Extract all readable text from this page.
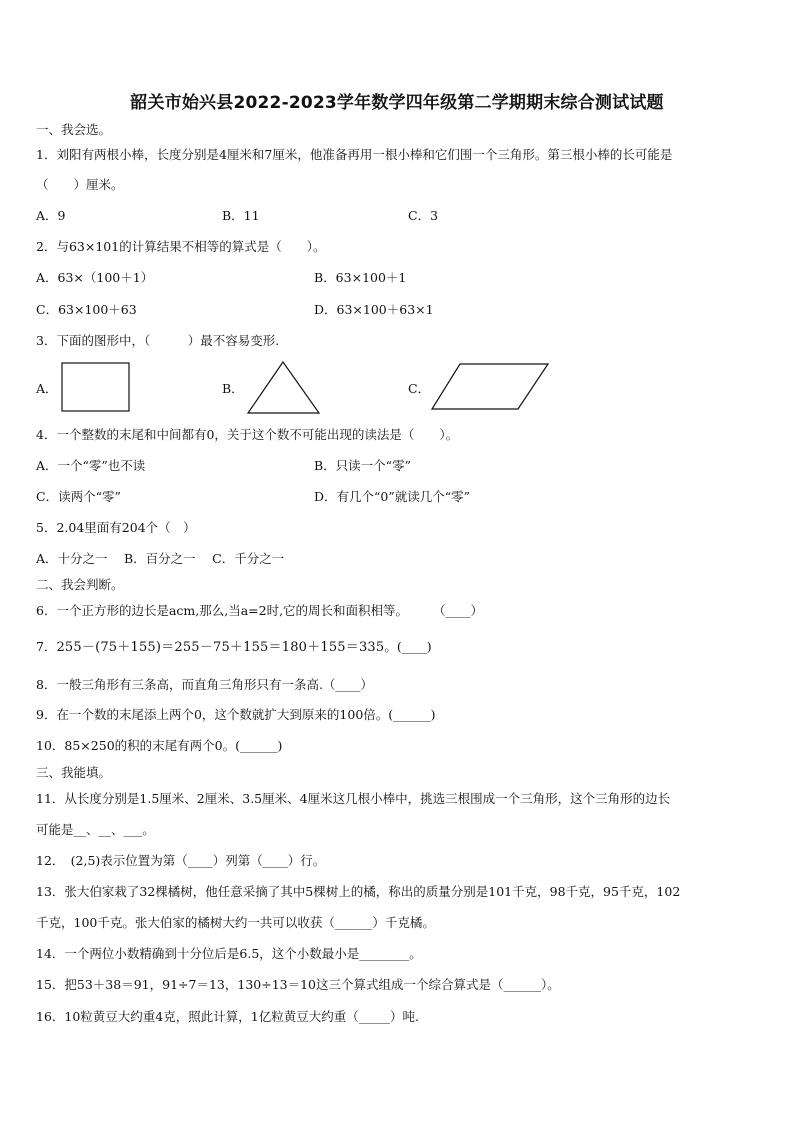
韶关市始兴县2022-2023学年数学四年级第二学期期末综合测试试题
一、我会选。
1．刘阳有两根小棒，长度分别是4厘米和7厘米，他准备再用一根小棒和它们围一个三角形。第三根小棒的长可能是
（　　）厘米。
A．9	B．11	C．3
2．与63×101的计算结果不相等的算式是（　　）。
A．63×（100＋1）	B．63×100＋1
C．63×100＋63	D．63×100＋63×1
3．下面的图形中，（　　　）最不容易变形.
A．	B．	C．
4．一个整数的末尾和中间都有0，关于这个数不可能出现的读法是（　　）。
A．一个“零”也不读	B．只读一个“零”
C．读两个“零”	D．有几个“0”就读几个“零”
5．2.04里面有204个（　）
A．十分之一　 B．百分之一　 C．千分之一
二、我会判断。
6．一个正方形的边长是acm,那么,当a=2时,它的周长和面积相等。　　　（____）
7．255－(75＋155)＝255－75＋155＝180＋155＝335。(____)
8．一般三角形有三条高，而直角三角形只有一条高.（____）
9．在一个数的末尾添上两个0，这个数就扩大到原来的100倍。(______)
10．85×250的积的末尾有两个0。(______)
三、我能填。
11．从长度分别是1.5厘米、2厘米、3.5厘米、4厘米这几根小棒中，挑选三根围成一个三角形，这个三角形的边长
可能是__、__、___。
12．　(2,5)表示位置为第（____）列第（____）行。
13．张大伯家栽了32棵橘树，他任意采摘了其中5棵树上的橘，称出的质量分别是101千克，98千克，95千克，102
千克，100千克。张大伯家的橘树大约一共可以收获（______）千克橘。
14．一个两位小数精确到十分位后是6.5，这个小数最小是________。
15．把53＋38＝91，91÷7＝13，130÷13＝10这三个算式组成一个综合算式是（______）。
16．10粒黄豆大约重4克，照此计算，1亿粒黄豆大约重（_____）吨.
